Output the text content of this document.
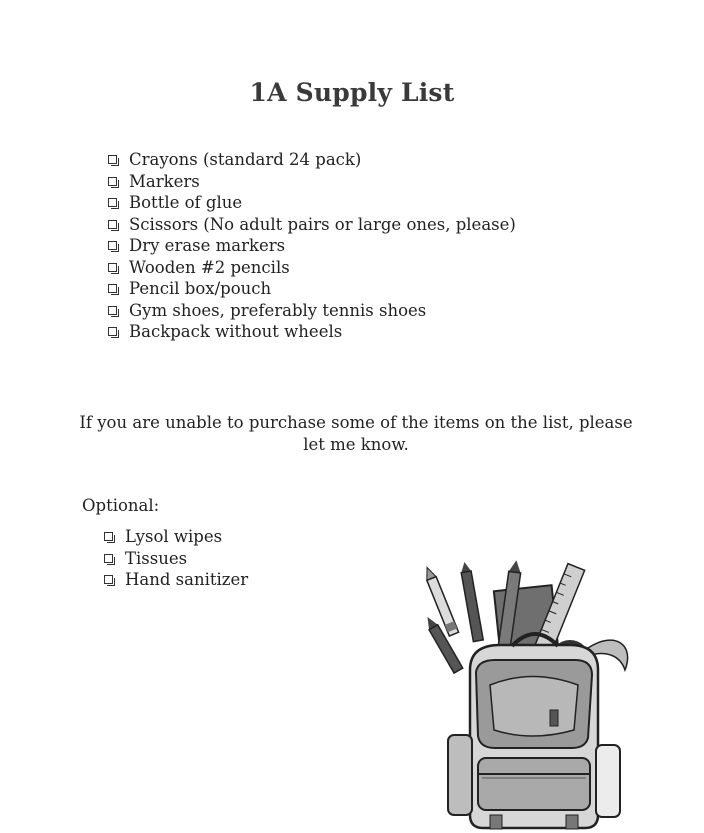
1A Supply List
Crayons (standard 24 pack)
Markers
Bottle of glue
Scissors (No adult pairs or large ones, please)
Dry erase markers
Wooden #2 pencils
Pencil box/pouch
Gym shoes, preferably tennis shoes
Backpack without wheels
If you are unable to purchase some of the items on the list, please let me know.
Optional:
Lysol wipes
Tissues
Hand sanitizer
